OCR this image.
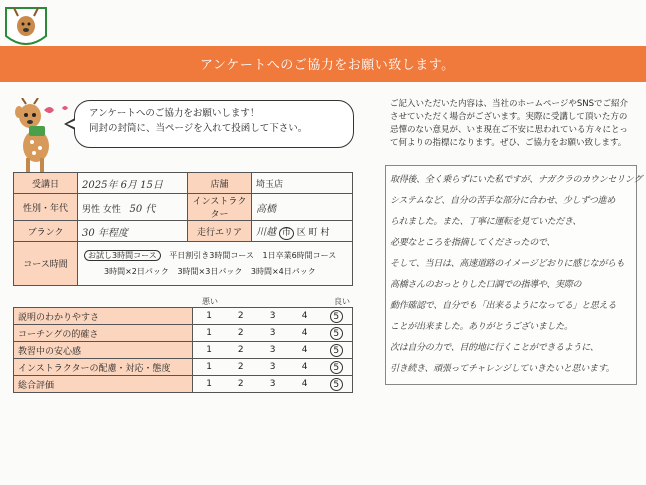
アンケートへのご協力をお願い致します。

アンケートへのご協力をお願いします！

同封の封筒に、当ページを入れて投函して下さい。

受講日	2025年 6月 15日	店舗	埼玉店
性別・年代	男性 女性 50 代	インストラクター	高橋
ブランク	30 年程度	走行エリア	川越 市 区 町 村
コース時間	お試し3時間コース 平日割引き3時間コース 1日卒業6時間コース
3時間×2日パック 3時間×3日パック 3時間×4日パック		
悪い	良い
説明のわかりやすさ	1	2	3	4	5
コーチングの的確さ	1	2	3	4	5
教習中の安心感	1	2	3	4	5
インストラクターの配慮・対応・態度	1	2	3	4	5
総合評価	1	2	3	4	5
ご記入いただいた内容は、当社のホームページやSNSでご紹介させていただく場合がございます。実際に受講して頂いた方の忌憚のない意見が、いま現在ご不安に思われている方々にとって何よりの指標になります。ぜひ、ご協力をお願い致します。
取得後、全く乗らずにいた私ですが、ナガクラのカウンセリング
システムなど、自分の苦手な部分に合わせ、少しずつ進め
られました。また、丁寧に運転を見ていただき、
必要なところを指摘してくださったので、
そして、当日は、高速道路のイメージどおりに感じながらも
高橋さんのおっとりした口調での指導や、実際の
動作確認で、自分でも「出来るようになってる」と思える
ことが出来ました。ありがとうございました。
次は自分の力で、目的地に行くことができるように、
引き続き、頑張ってチャレンジしていきたいと思います。
